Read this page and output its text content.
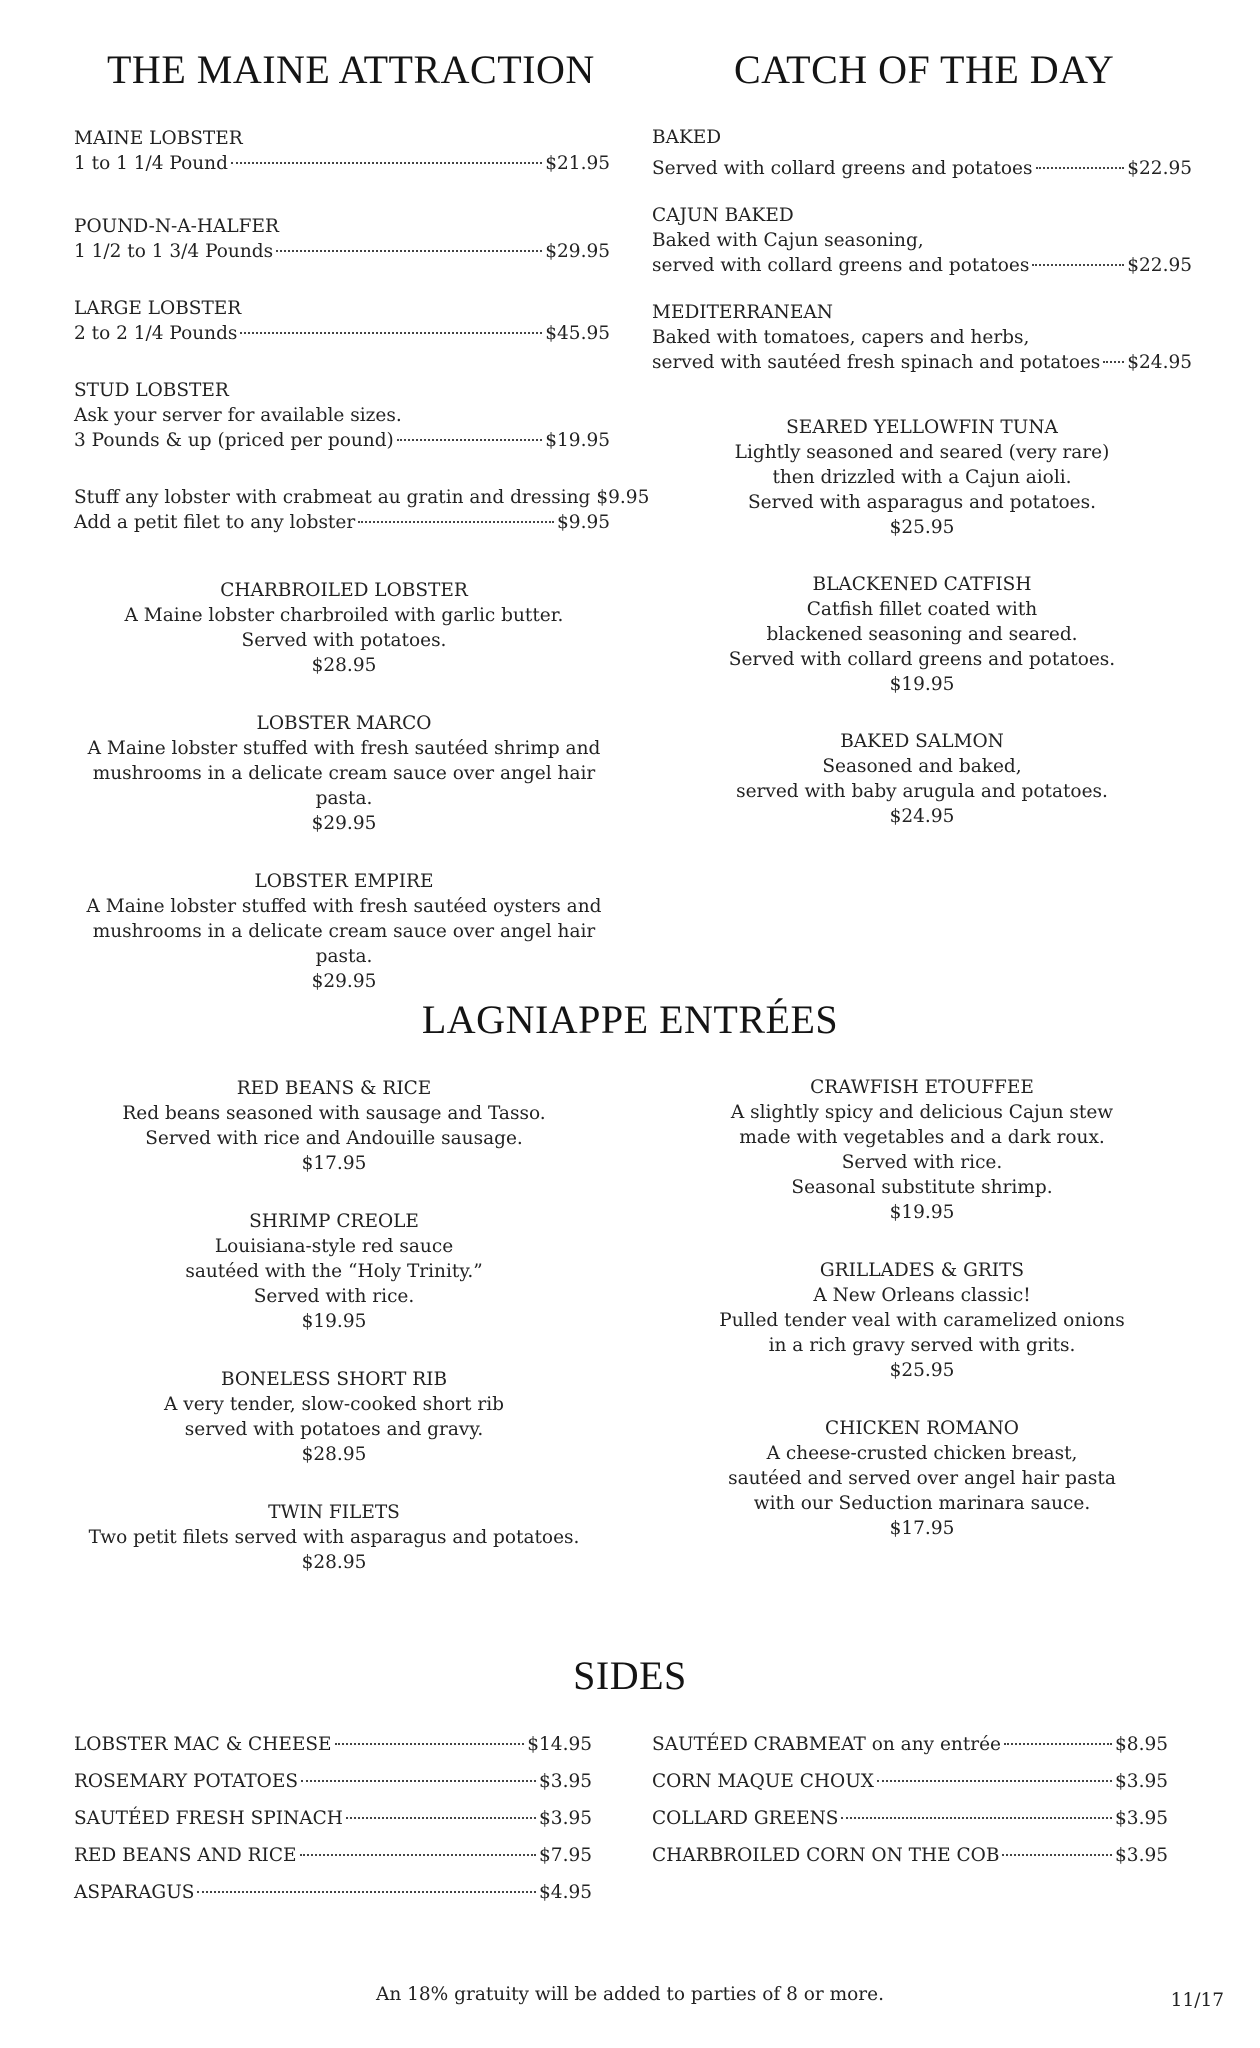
THE MAINE ATTRACTION	CATCH OF THE DAY
MAINE LOBSTER
1 to 1 1/4 Pound	$21.95
POUND-N-A-HALFER
1 1/2 to 1 3/4 Pounds	$29.95
LARGE LOBSTER
2 to 2 1/4 Pounds	$45.95
STUD LOBSTER
Ask your server for available sizes.
3 Pounds & up (priced per pound)	$19.95
Stuff any lobster with crabmeat au gratin and dressing $9.95
Add a petit filet to any lobster	$9.95
CHARBROILED LOBSTER
A Maine lobster charbroiled with garlic butter.
Served with potatoes.
$28.95
LOBSTER MARCO
A Maine lobster stuffed with fresh sautéed shrimp and
mushrooms in a delicate cream sauce over angel hair pasta.
$29.95
LOBSTER EMPIRE
A Maine lobster stuffed with fresh sautéed oysters and
mushrooms in a delicate cream sauce over angel hair pasta.
$29.95
BAKED
Served with collard greens and potatoes	$22.95
CAJUN BAKED
Baked with Cajun seasoning,
served with collard greens and potatoes	$22.95
MEDITERRANEAN
Baked with tomatoes, capers and herbs,
served with sautéed fresh spinach and potatoes $24.95
SEARED YELLOWFIN TUNA
Lightly seasoned and seared (very rare)
then drizzled with a Cajun aioli.
Served with asparagus and potatoes.
$25.95
BLACKENED CATFISH
Catfish fillet coated with
blackened seasoning and seared.
Served with collard greens and potatoes.
$19.95
BAKED SALMON
Seasoned and baked,
served with baby arugula and potatoes.
$24.95
LAGNIAPPE ENTRÉES
RED BEANS & RICE
Red beans seasoned with sausage and Tasso.
Served with rice and Andouille sausage.
$17.95
SHRIMP CREOLE
Louisiana-style red sauce
sautéed with the “Holy Trinity.”
Served with rice.
$19.95
BONELESS SHORT RIB
A very tender, slow-cooked short rib
served with potatoes and gravy.
$28.95
TWIN FILETS
Two petit filets served with asparagus and potatoes.
$28.95
CRAWFISH ETOUFFEE
A slightly spicy and delicious Cajun stew
made with vegetables and a dark roux.
Served with rice.
Seasonal substitute shrimp.
$19.95
GRILLADES & GRITS
A New Orleans classic!
Pulled tender veal with caramelized onions
in a rich gravy served with grits.
$25.95
CHICKEN ROMANO
A cheese-crusted chicken breast,
sautéed and served over angel hair pasta
with our Seduction marinara sauce.
$17.95
SIDES
LOBSTER MAC & CHEESE	$14.95
ROSEMARY POTATOES	$3.95
SAUTÉED FRESH SPINACH	$3.95
RED BEANS AND RICE	$7.95
ASPARAGUS	$4.95
SAUTÉED CRABMEAT on any entrée	$8.95
CORN MAQUE CHOUX	$3.95
COLLARD GREENS	$3.95
CHARBROILED CORN ON THE COB	$3.95
An 18% gratuity will be added to parties of 8 or more.	11/17
